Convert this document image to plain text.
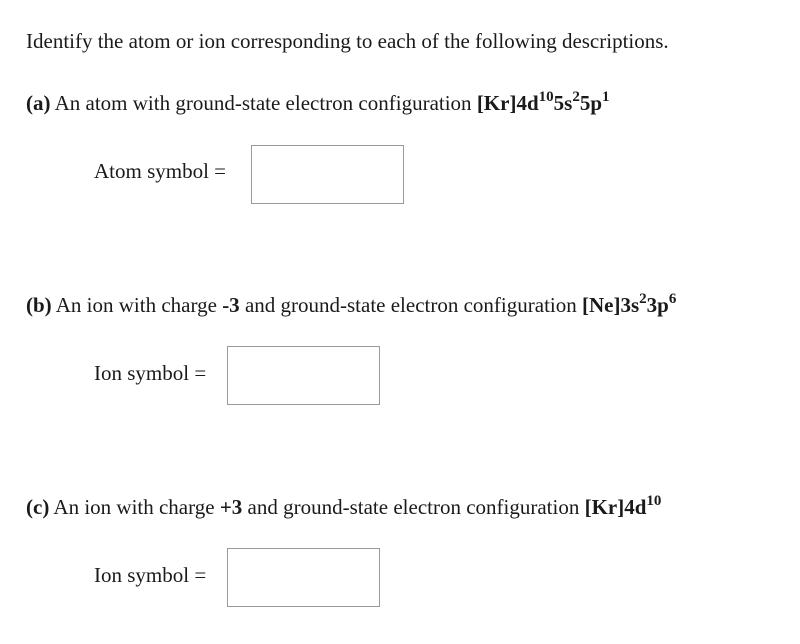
Identify the atom or ion corresponding to each of the following descriptions.
(a) An atom with ground-state electron configuration $[Kr]4d^{10}5s^25p^1$
Atom symbol =
(b) An ion with charge -3 and ground-state electron configuration $[Ne]3s^23p^6$
Ion symbol =
(c) An ion with charge +3 and ground-state electron configuration $[Kr]4d^{10}$
Ion symbol =
